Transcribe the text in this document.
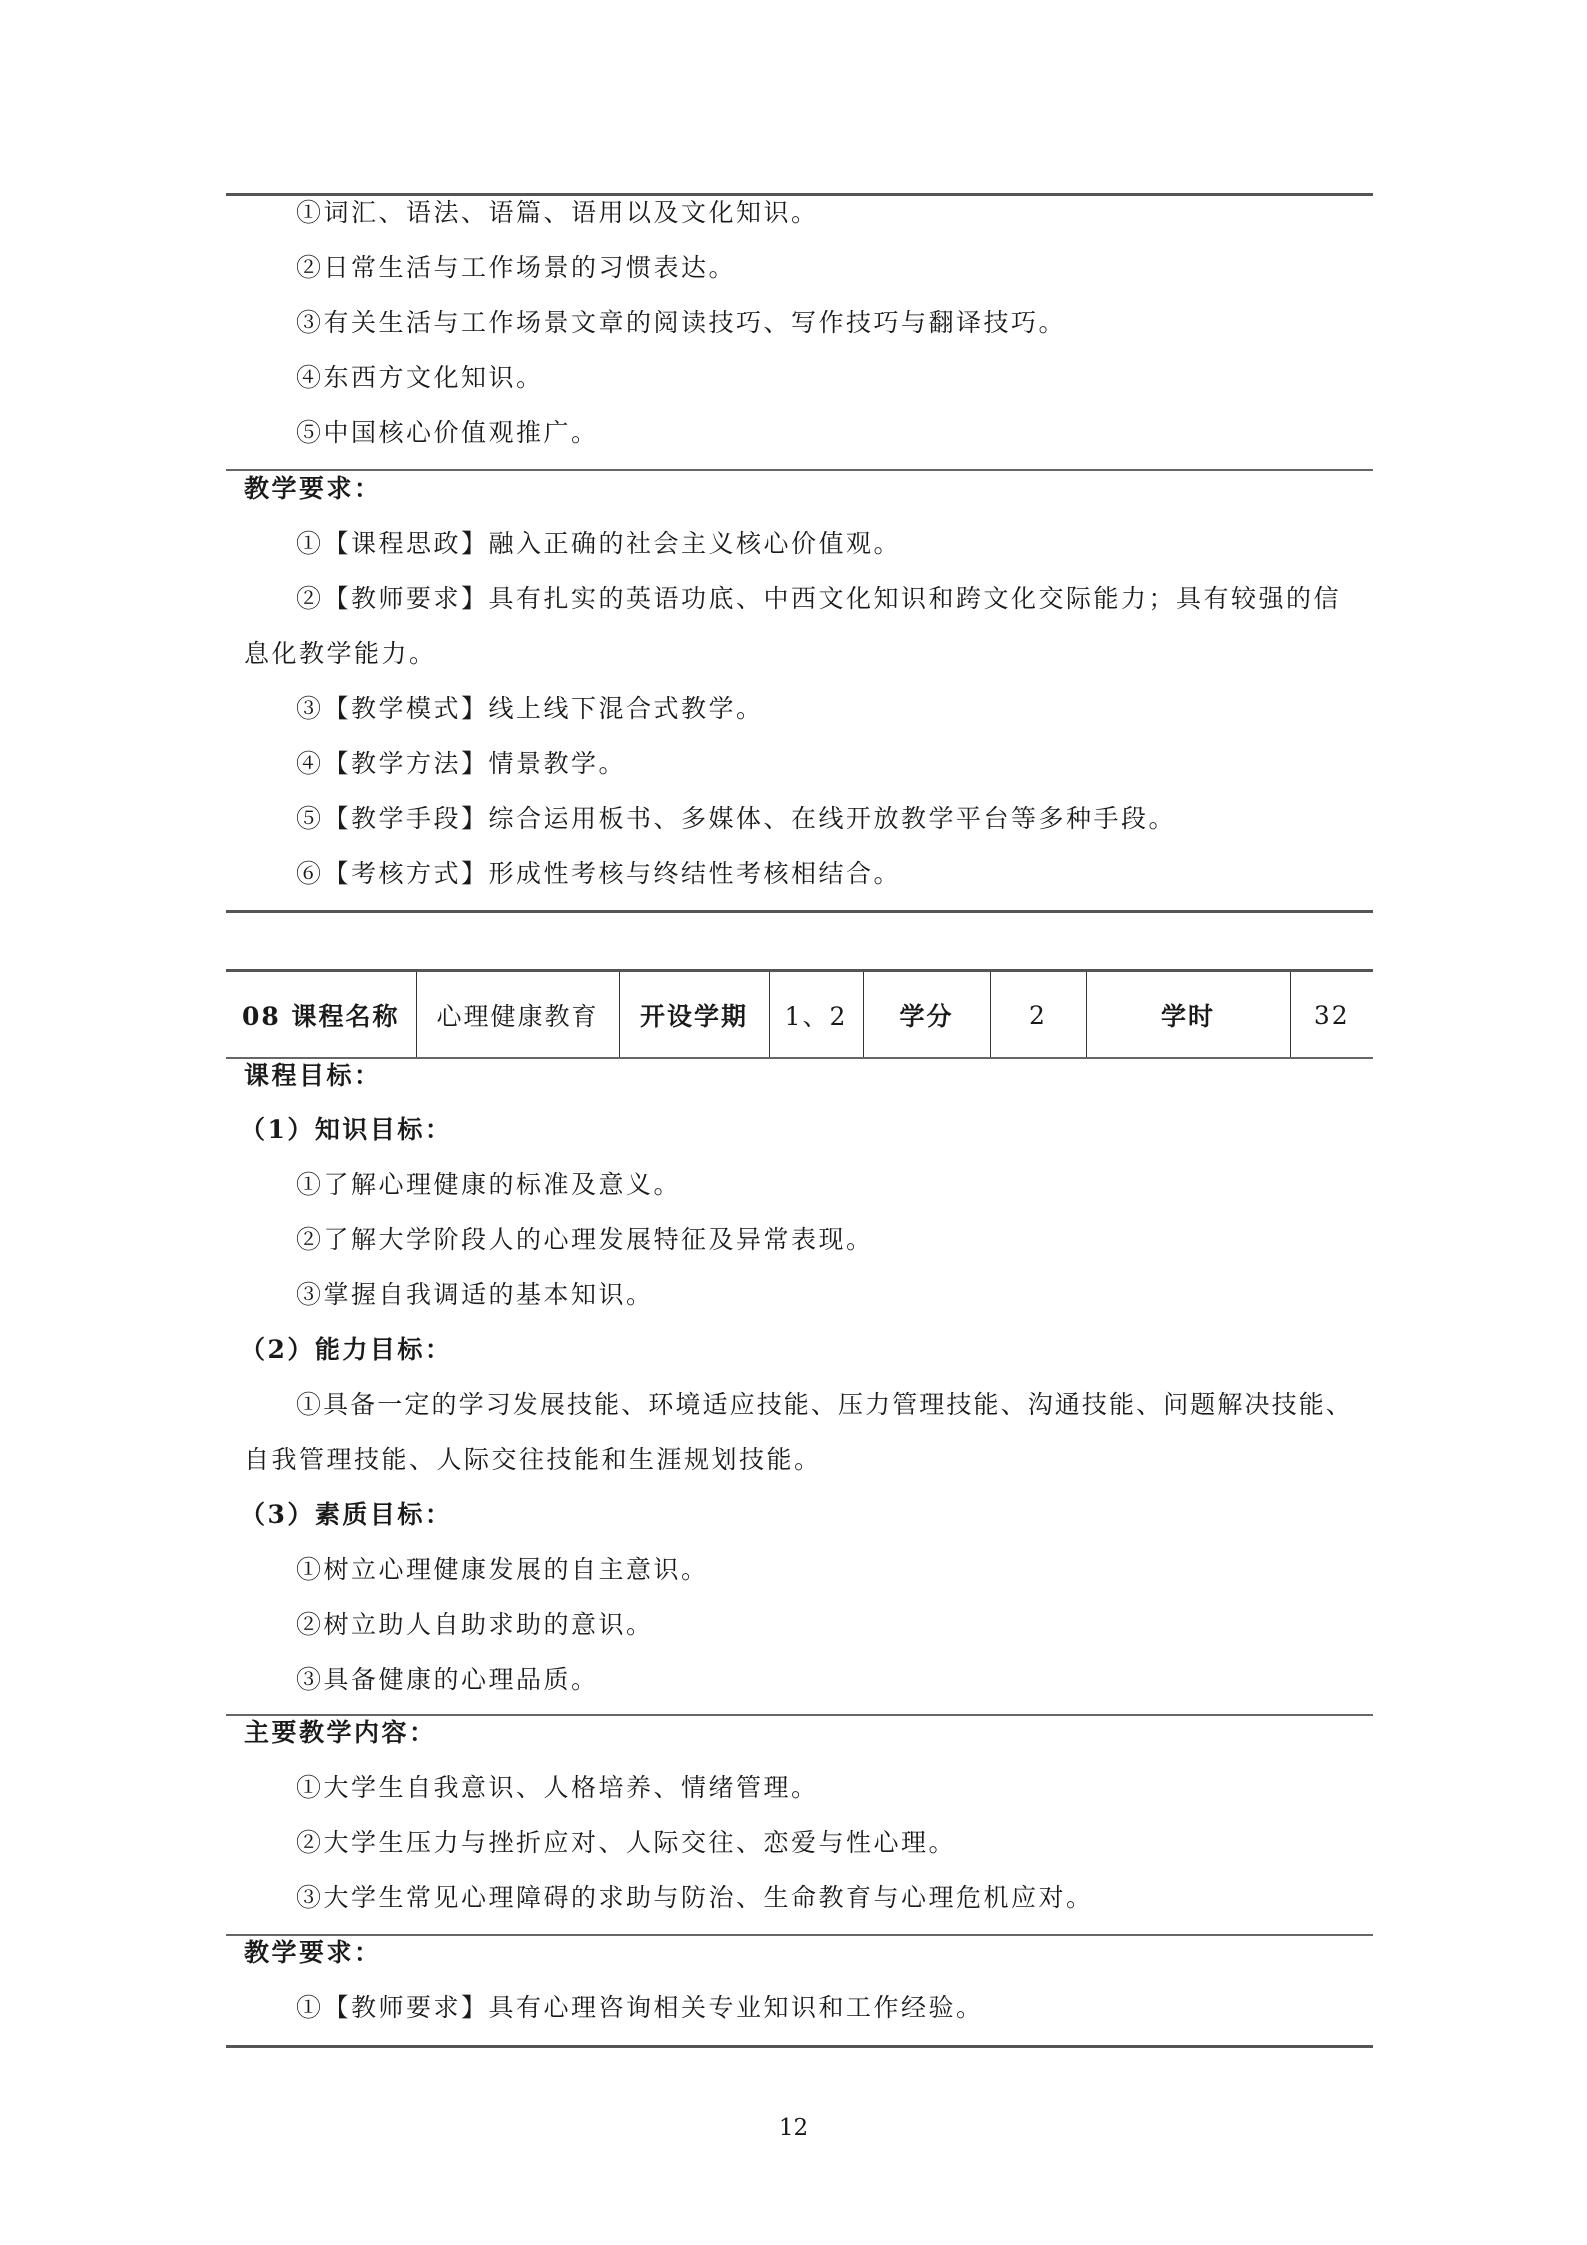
①词汇、语法、语篇、语用以及文化知识。
②日常生活与工作场景的习惯表达。
③有关生活与工作场景文章的阅读技巧、写作技巧与翻译技巧。
④东西方文化知识。
⑤中国核心价值观推广。
教学要求：
①【课程思政】融入正确的社会主义核心价值观。
②【教师要求】具有扎实的英语功底、中西文化知识和跨文化交际能力；具有较强的信
息化教学能力。
③【教学模式】线上线下混合式教学。
④【教学方法】情景教学。
⑤【教学手段】综合运用板书、多媒体、在线开放教学平台等多种手段。
⑥【考核方式】形成性考核与终结性考核相结合。
08 课程名称	心理健康教育	开设学期	1、2	学分	2	学时	32
课程目标：
（1）知识目标：
①了解心理健康的标准及意义。
②了解大学阶段人的心理发展特征及异常表现。
③掌握自我调适的基本知识。
（2）能力目标：
①具备一定的学习发展技能、环境适应技能、压力管理技能、沟通技能、问题解决技能、
自我管理技能、人际交往技能和生涯规划技能。
（3）素质目标：
①树立心理健康发展的自主意识。
②树立助人自助求助的意识。
③具备健康的心理品质。
主要教学内容：
①大学生自我意识、人格培养、情绪管理。
②大学生压力与挫折应对、人际交往、恋爱与性心理。
③大学生常见心理障碍的求助与防治、生命教育与心理危机应对。
教学要求：
①【教师要求】具有心理咨询相关专业知识和工作经验。
12
